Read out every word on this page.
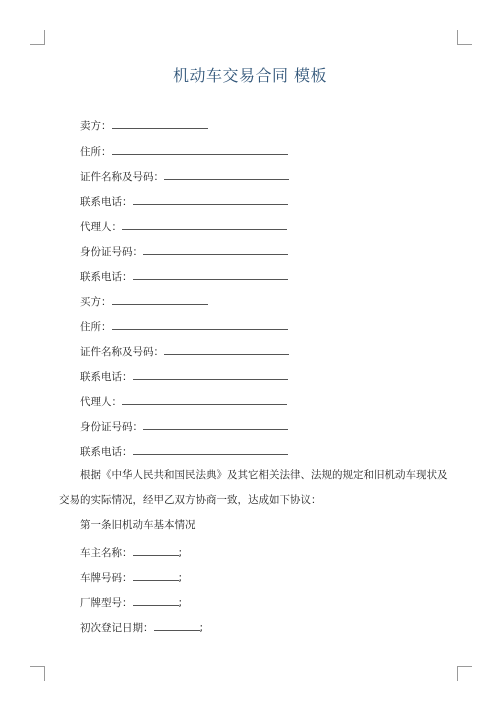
机动车交易合同 模板
卖方：
住所：
证件名称及号码：
联系电话：
代理人：
身份证号码：
联系电话：
买方：
住所：
证件名称及号码：
联系电话：
代理人：
身份证号码：
联系电话：
根据《中华人民共和国民法典》及其它相关法律、法规的规定和旧机动车现状及
交易的实际情况，经甲乙双方协商一致，达成如下协议：
第一条旧机动车基本情况
车主名称：	;
车牌号码：	;
厂牌型号：	;
初次登记日期：	;
